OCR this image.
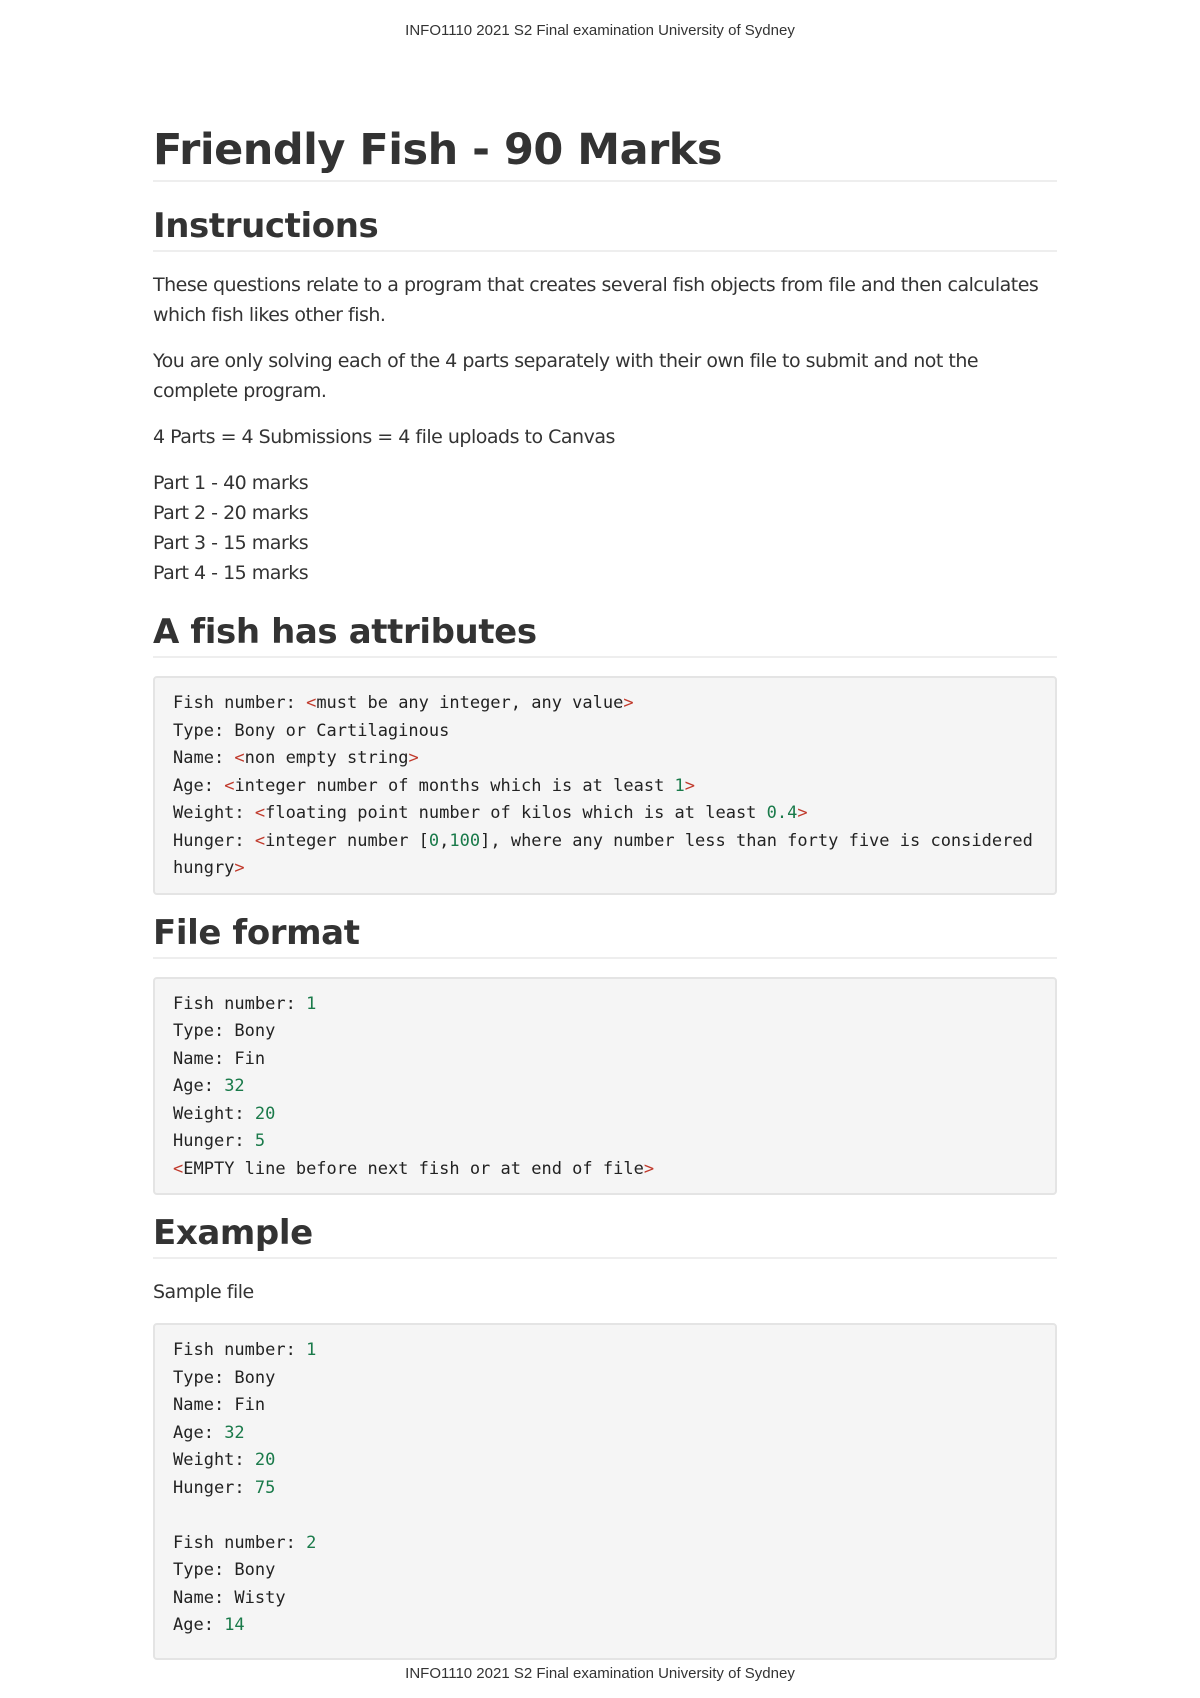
INFO1110 2021 S2 Final examination University of Sydney
Friendly Fish - 90 Marks
Instructions

These questions relate to a program that creates several fish objects from file and then calculates which fish likes other fish.

You are only solving each of the 4 parts separately with their own file to submit and not the complete program.

4 Parts = 4 Submissions = 4 file uploads to Canvas

Part 1 - 40 marks
Part 2 - 20 marks
Part 3 - 15 marks
Part 4 - 15 marks
A fish has attributes
Fish number: <must be any integer, any value>
Type: Bony or Cartilaginous
Name: <non empty string>
Age: <integer number of months which is at least 1>
Weight: <floating point number of kilos which is at least 0.4>
Hunger: <integer number [0,100], where any number less than forty five is considered hungry>
File format
Fish number: 1
Type: Bony
Name: Fin
Age: 32
Weight: 20
Hunger: 5
<EMPTY line before next fish or at end of file>
Example

Sample file

Fish number: 1
Type: Bony
Name: Fin
Age: 32
Weight: 20
Hunger: 75
Fish number: 2
Type: Bony
Name: Wisty
Age: 14
INFO1110 2021 S2 Final examination University of Sydney
